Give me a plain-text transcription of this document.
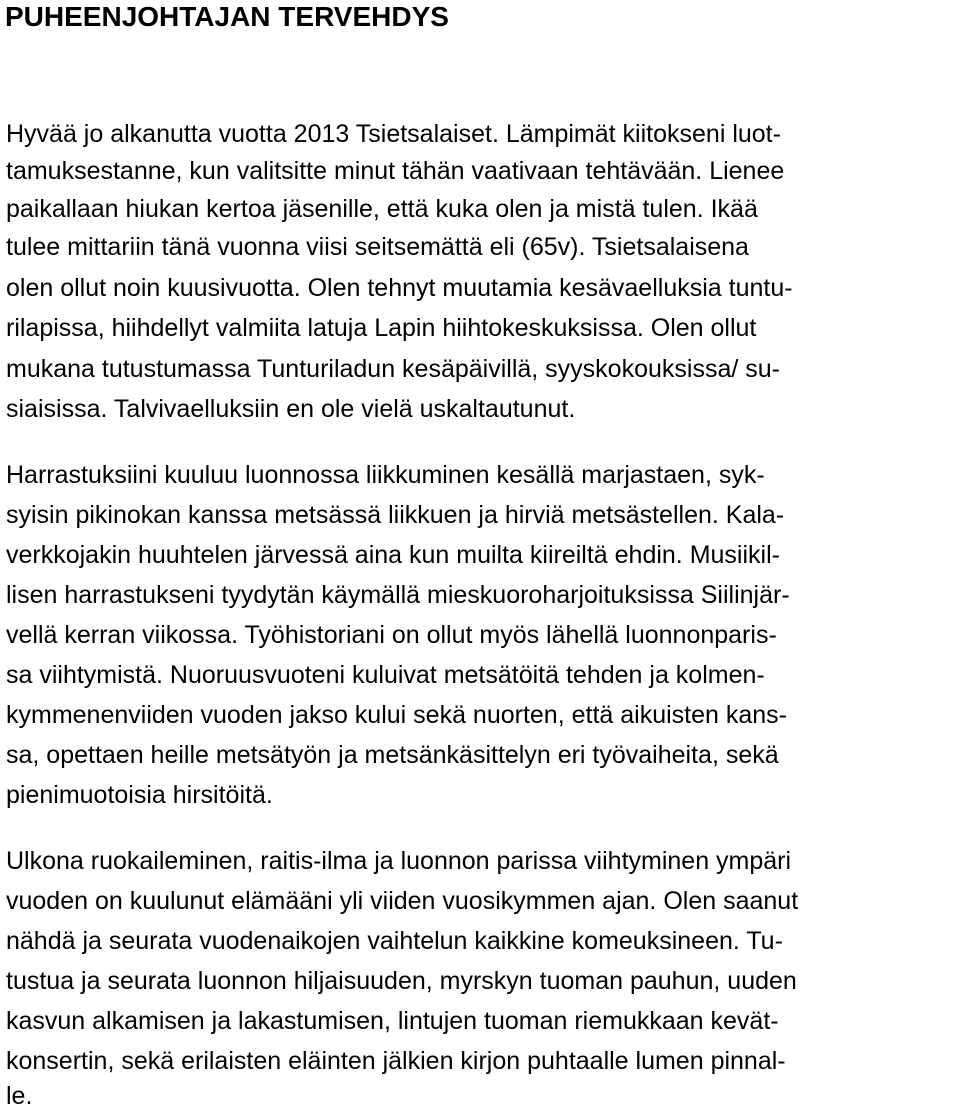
PUHEENJOHTAJAN TERVEHDYS
Hyvää jo alkanutta vuotta 2013 Tsietsalaiset. Lämpimät kiitokseni luot-
tamuksestanne, kun valitsitte minut tähän vaativaan tehtävään. Lienee
paikallaan hiukan kertoa jäsenille, että kuka olen ja mistä tulen. Ikää
tulee mittariin tänä vuonna viisi seitsemättä eli (65v). Tsietsalaisena
olen ollut noin kuusivuotta. Olen tehnyt muutamia kesävaelluksia tuntu-
rilapissa, hiihdellyt valmiita latuja Lapin hiihtokeskuksissa. Olen ollut
mukana tutustumassa Tunturiladun kesäpäivillä, syyskokouksissa/ su-
siaisissa. Talvivaelluksiin en ole vielä uskaltautunut.
Harrastuksiini kuuluu luonnossa liikkuminen kesällä marjastaen, syk-
syisin pikinokan kanssa metsässä liikkuen ja hirviä metsästellen. Kala-
verkkojakin huuhtelen järvessä aina kun muilta kiireiltä ehdin. Musiikil-
lisen harrastukseni tyydytän käymällä mieskuoroharjoituksissa Siilinjär-
vellä kerran viikossa. Työhistoriani on ollut myös lähellä luonnonparis-
sa viihtymistä. Nuoruusvuoteni kuluivat metsätöitä tehden ja kolmen-
kymmenenviiden vuoden jakso kului sekä nuorten, että aikuisten kans-
sa, opettaen heille metsätyön ja metsänkäsittelyn eri työvaiheita, sekä
pienimuotoisia hirsitöitä.
Ulkona ruokaileminen, raitis-ilma ja luonnon parissa viihtyminen ympäri
vuoden on kuulunut elämääni yli viiden vuosikymmen ajan. Olen saanut
nähdä ja seurata vuodenaikojen vaihtelun kaikkine komeuksineen. Tu-
tustua ja seurata luonnon hiljaisuuden, myrskyn tuoman pauhun, uuden
kasvun alkamisen ja lakastumisen, lintujen tuoman riemukkaan kevät-
konsertin, sekä erilaisten eläinten jälkien kirjon puhtaalle lumen pinnal-
le.
